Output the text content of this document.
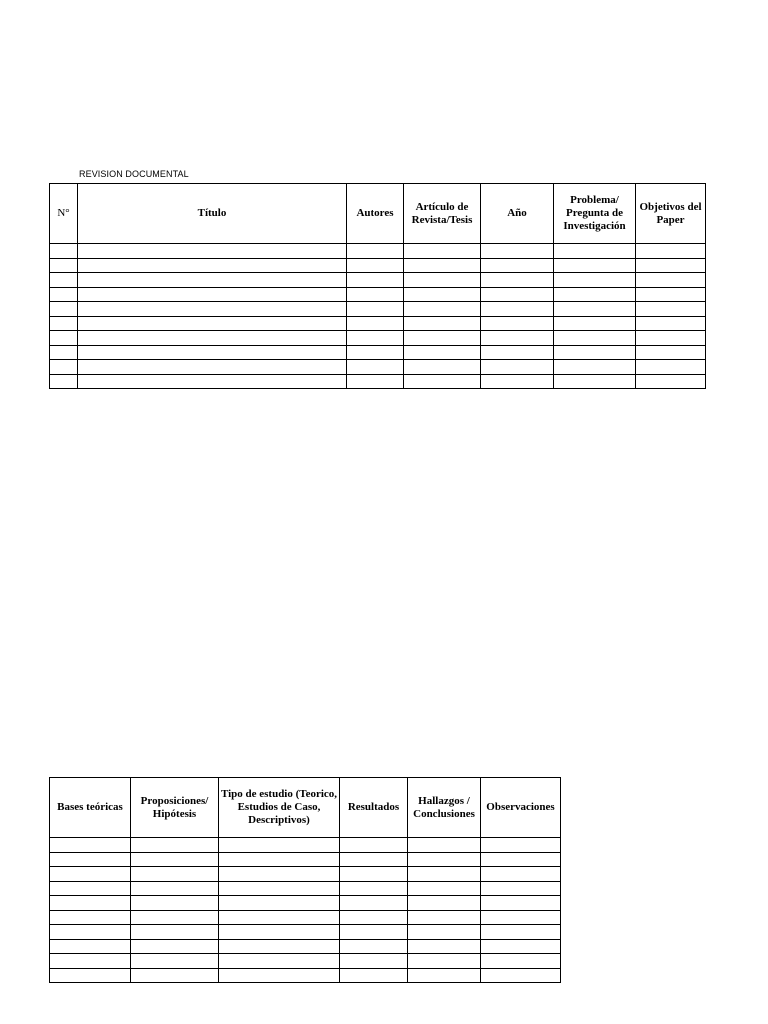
REVISION DOCUMENTAL
N°	Título	Autores	Artículo de Revista/Tesis	Año	Problema/ Pregunta de Investigación	Objetivos del Paper

Bases teóricas	Proposiciones/ Hipótesis	Tipo de estudio (Teorico, Estudios de Caso, Descriptivos)	Resultados	Hallazgos / Conclusiones	Observaciones
